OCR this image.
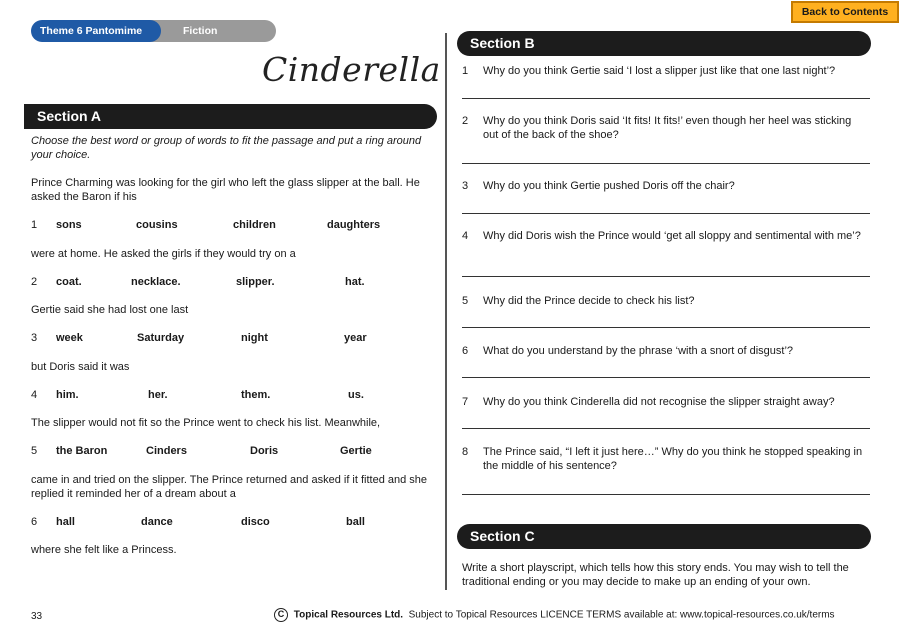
Fiction (Playscript)
Theme 6 Pantomime
Back to Contents
Cinderella
Section A
Choose the best word or group of words to fit the passage and put a ring around your choice.
Prince Charming was looking for the girl who left the glass slipper at the ball. He asked the Baron if his
1 sons	cousins	children	daughters
were at home. He asked the girls if they would try on a
2 coat.	necklace.	slipper.	hat.
Gertie said she had lost one last
3 week	Saturday	night	year
but Doris said it was
4 him.	her.	them.	us.
The slipper would not fit so the Prince went to check his list. Meanwhile,
5 the Baron	Cinders	Doris	Gertie
came in and tried on the slipper. The Prince returned and asked if it fitted and she replied it reminded her of a dream about a
6 hall	dance	disco	ball
where she felt like a Princess.
Section B
1 Why do you think Gertie said ‘I lost a slipper just like that one last night’?
2 Why do you think Doris said ‘It fits! It fits!’ even though her heel was sticking out of the back of the shoe?
3 Why do you think Gertie pushed Doris off the chair?
4 Why did Doris wish the Prince would ‘get all sloppy and sentimental with me’?
5 Why did the Prince decide to check his list?
6 What do you understand by the phrase ‘with a snort of disgust’?
7 Why do you think Cinderella did not recognise the slipper straight away?
8 The Prince said, “I left it just here…” Why do you think he stopped speaking in the middle of his sentence?
Section C
Write a short playscript, which tells how this story ends. You may wish to tell the traditional ending or you may decide to make up an ending of your own.
33	C Topical Resources Ltd. Subject to Topical Resources LICENCE TERMS available at: www.topical-resources.co.uk/terms
